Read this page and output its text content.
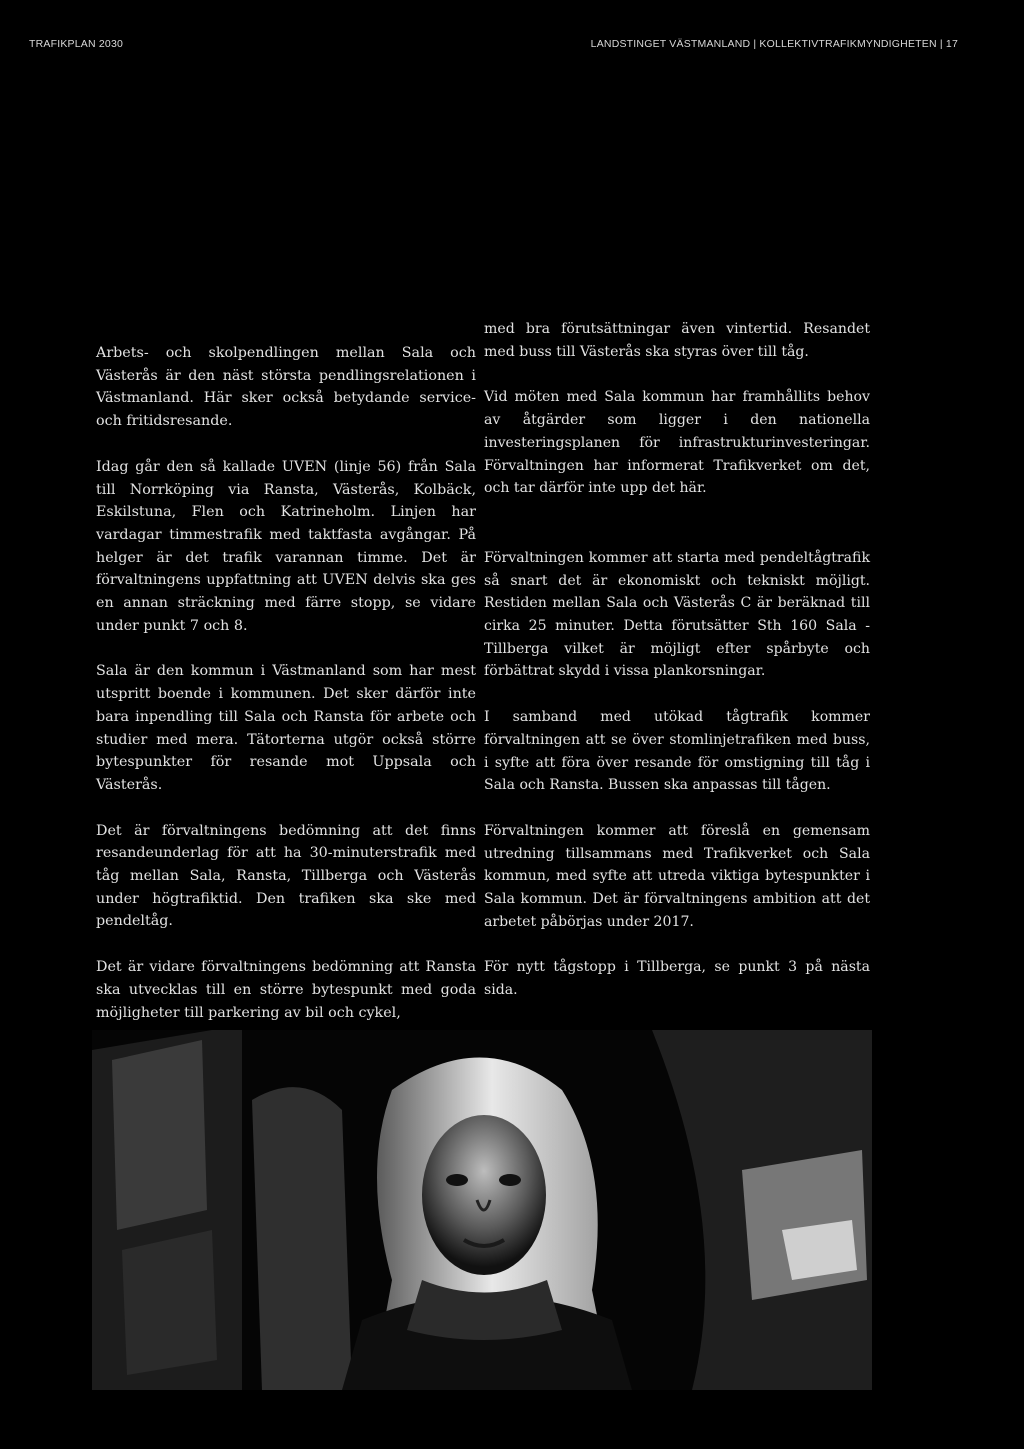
TRAFIKPLAN 2030	LANDSTINGET VÄSTMANLAND | KOLLEKTIVTRAFIKMYNDIGHETEN | 17

Arbets- och skolpendlingen mellan Sala och Västerås är den näst största pendlingsrelationen i Västmanland. Här sker också betydande service- och fritidsresande.

Idag går den så kallade UVEN (linje 56) från Sala till Norrköping via Ransta, Västerås, Kolbäck, Eskilstuna, Flen och Katrineholm. Linjen har vardagar timmestrafik med taktfasta avgångar. På helger är det trafik varannan timme. Det är förvaltningens uppfattning att UVEN delvis ska ges en annan sträckning med färre stopp, se vidare under punkt 7 och 8.

Sala är den kommun i Västmanland som har mest utspritt boende i kommunen. Det sker därför inte bara inpendling till Sala och Ransta för arbete och studier med mera. Tätorterna utgör också större bytespunkter för resande mot Uppsala och Västerås.

Det är förvaltningens bedömning att det finns resandeunderlag för att ha 30-minuterstrafik med tåg mellan Sala, Ransta, Tillberga och Västerås under högtrafiktid. Den trafiken ska ske med pendeltåg.

Det är vidare förvaltningens bedömning att Ransta ska utvecklas till en större bytespunkt med goda möjligheter till parkering av bil och cykel,

med bra förutsättningar även vintertid. Resandet med buss till Västerås ska styras över till tåg.

Vid möten med Sala kommun har framhållits behov av åtgärder som ligger i den nationella investeringsplanen för infrastrukturinvesteringar. Förvaltningen har informerat Trafikverket om det, och tar därför inte upp det här.

Förvaltningen kommer att starta med pendeltågtrafik så snart det är ekonomiskt och tekniskt möjligt. Restiden mellan Sala och Västerås C är beräknad till cirka 25 minuter. Detta förutsätter Sth 160 Sala - Tillberga vilket är möjligt efter spårbyte och förbättrat skydd i vissa plankorsningar.

I samband med utökad tågtrafik kommer förvaltningen att se över stomlinjetrafiken med buss, i syfte att föra över resande för omstigning till tåg i Sala och Ransta. Bussen ska anpassas till tågen.

Förvaltningen kommer att föreslå en gemensam utredning tillsammans med Trafikverket och Sala kommun, med syfte att utreda viktiga bytespunkter i Sala kommun. Det är förvaltningens ambition att det arbetet påbörjas under 2017.

För nytt tågstopp i Tillberga, se punkt 3 på nästa sida.
